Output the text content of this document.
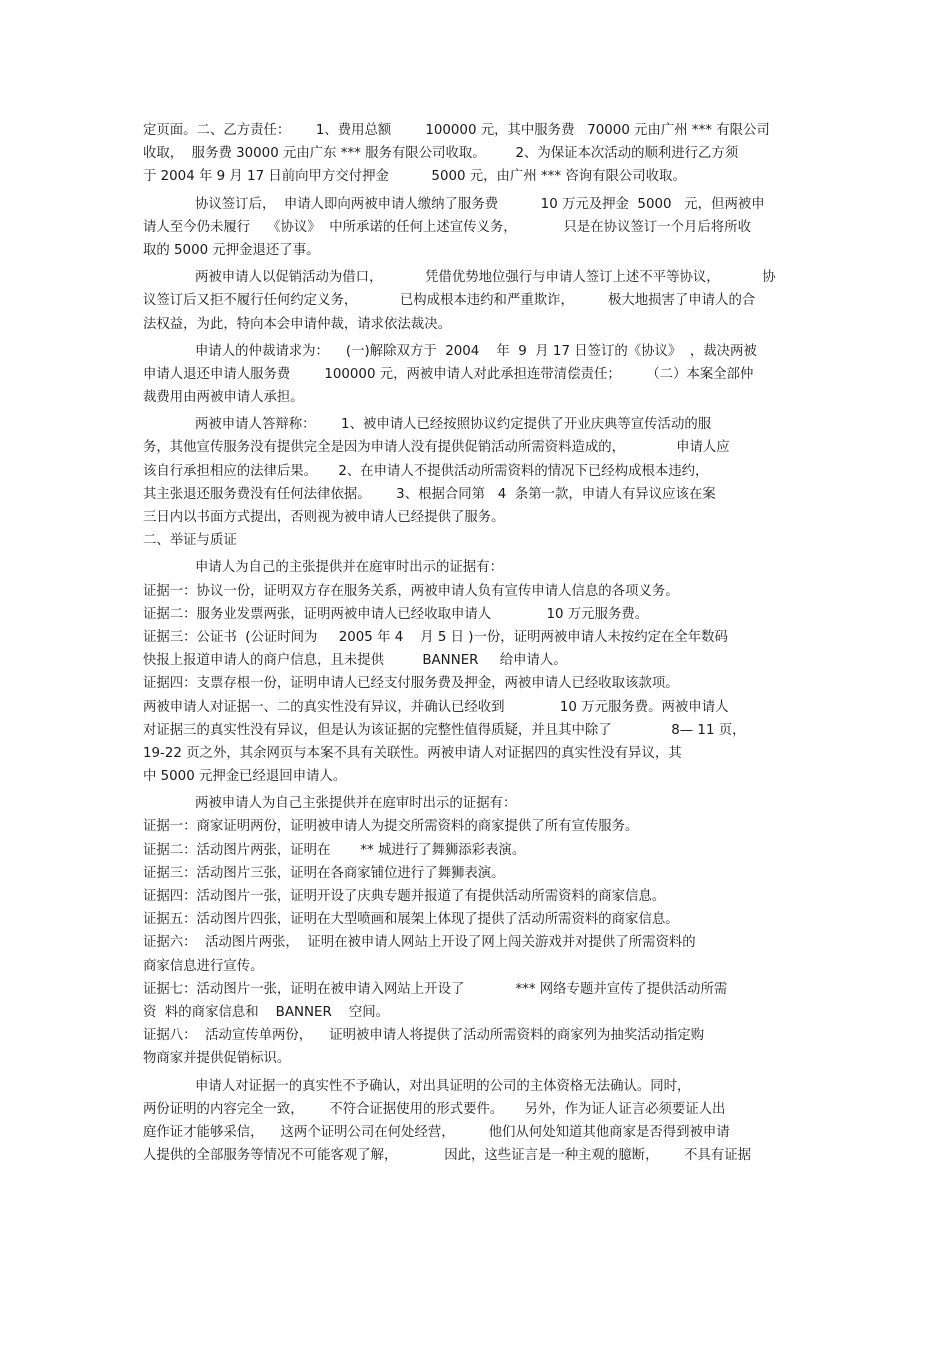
定页面。二、乙方责任：      1、费用总额        100000 元，其中服务费   70000 元由广州 *** 有限公司
收取，  服务费 30000 元由广东 *** 服务有限公司收取。       2、为保证本次活动的顺利进行乙方须
于 2004 年 9 月 17 日前向甲方交付押金          5000 元，由广州 *** 咨询有限公司收取。
协议签订后，  申请人即向两被申请人缴纳了服务费          10 万元及押金  5000   元，但两被申
请人至今仍未履行    《协议》  中所承诺的任何上述宣传义务，           只是在协议签订一个月后将所收
取的 5000 元押金退还了事。
两被申请人以促销活动为借口，          凭借优势地位强行与申请人签订上述不平等协议，          协
议签订后又拒不履行任何约定义务，          已构成根本违约和严重欺诈，        极大地损害了申请人的合
法权益，为此，特向本会申请仲裁，请求依法裁决。
申请人的仲裁请求为：    (一)解除双方于  2004    年  9  月 17 日签订的《协议》  ，裁决两被
申请人退还申请人服务费        100000 元，两被申请人对此承担连带清偿责任；      （二）本案全部仲
裁费用由两被申请人承担。
两被申请人答辩称：      1、被申请人已经按照协议约定提供了开业庆典等宣传活动的服
务，其他宣传服务没有提供完全是因为申请人没有提供促销活动所需资料造成的，            申请人应
该自行承担相应的法律后果。     2、在申请人不提供活动所需资料的情况下已经构成根本违约，
其主张退还服务费没有任何法律依据。      3、根据合同第   4  条第一款，申请人有异议应该在案
三日内以书面方式提出，否则视为被申请人已经提供了服务。
二、举证与质证
申请人为自己的主张提供并在庭审时出示的证据有：
证据一：协议一份，证明双方存在服务关系，两被申请人负有宣传申请人信息的各项义务。
证据二：服务业发票两张，证明两被申请人已经收取申请人             10 万元服务费。
证据三：公证书  (公证时间为     2005 年 4    月 5 日 )一份，证明两被申请人未按约定在全年数码
快报上报道申请人的商户信息，且未提供         BANNER     给申请人。
证据四：支票存根一份，证明申请人已经支付服务费及押金，两被申请人已经收取该款项。
两被申请人对证据一、二的真实性没有异议，并确认已经收到             10 万元服务费。两被申请人
对证据三的真实性没有异议，但是认为该证据的完整性值得质疑，并且其中除了              8— 11 页，
19-22 页之外，其余网页与本案不具有关联性。两被申请人对证据四的真实性没有异议，其
中 5000 元押金已经退回申请人。
两被申请人为自己主张提供并在庭审时出示的证据有：
证据一：商家证明两份，证明被申请人为提交所需资料的商家提供了所有宣传服务。
证据二：活动图片两张，证明在       ** 城进行了舞狮添彩表演。
证据三：活动图片三张，证明在各商家铺位进行了舞狮表演。
证据四：活动图片一张，证明开设了庆典专题并报道了有提供活动所需资料的商家信息。
证据五：活动图片四张，证明在大型喷画和展架上体现了提供了活动所需资料的商家信息。
证据六：  活动图片两张，  证明在被申请人网站上开设了网上闯关游戏并对提供了所需资料的
商家信息进行宣传。
证据七：活动图片一张，证明在被申请入网站上开设了            *** 网络专题并宣传了提供活动所需
资  料的商家信息和    BANNER    空间。
证据八：  活动宣传单两份，    证明被申请人将提供了活动所需资料的商家列为抽奖活动指定购
物商家并提供促销标识。
申请人对证据一的真实性不予确认，对出具证明的公司的主体资格无法确认。同时，
两份证明的内容完全一致，      不符合证据使用的形式要件。     另外，作为证人证言必须要证人出
庭作证才能够采信，    这两个证明公司在何处经营，        他们从何处知道其他商家是否得到被申请
人提供的全部服务等情况不可能客观了解，           因此，这些证言是一种主观的臆断，      不具有证据
